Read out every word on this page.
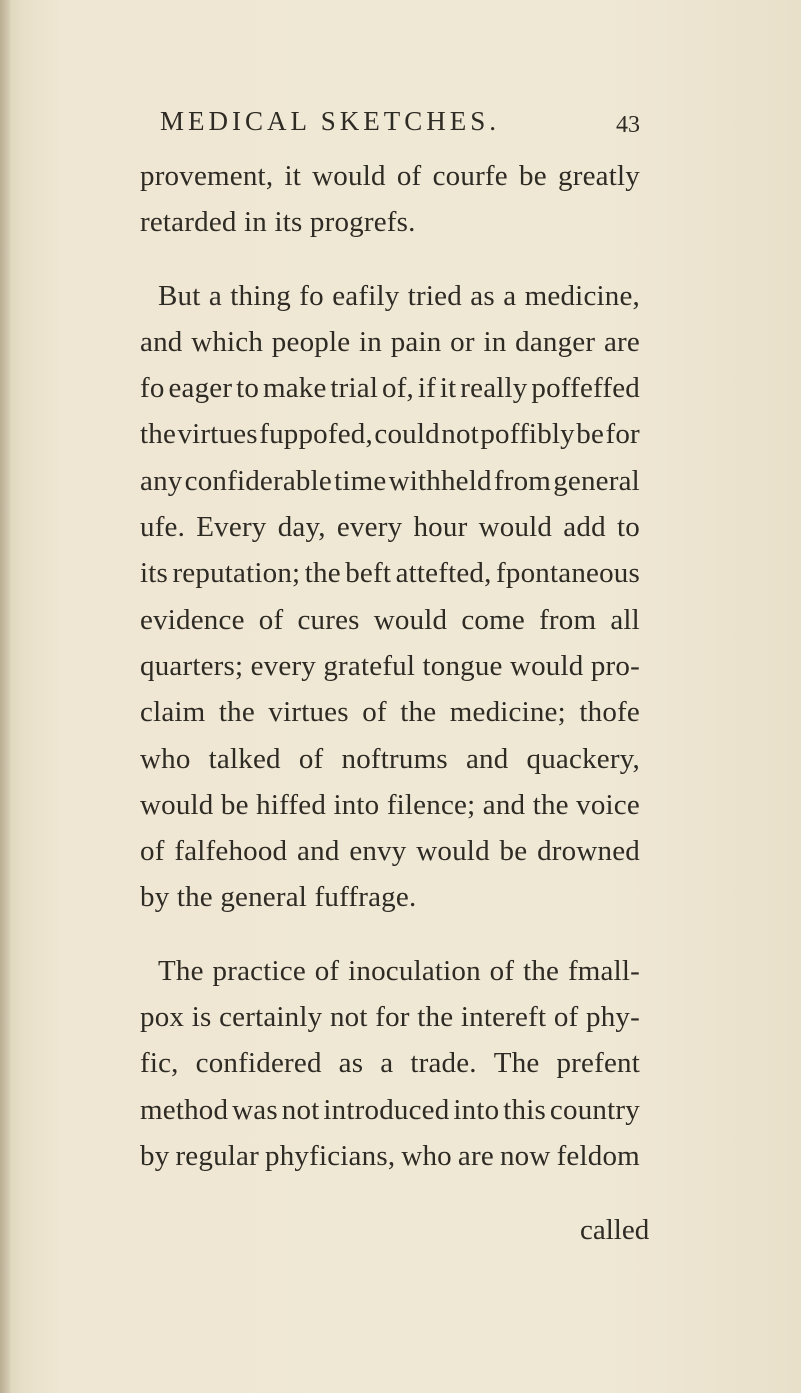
MEDICAL SKETCHES.	43
provement, it would of courfe be greatly
retarded in its progrefs.
But a thing fo eafily tried as a medicine,
and which people in pain or in danger are
fo eager to make trial of, if it really poffeffed
the virtues fuppofed, could not poffibly be for
any confiderable time withheld from general
ufe. Every day, every hour would add to
its reputation; the beft attefted, fpontaneous
evidence of cures would come from all
quarters; every grateful tongue would pro-
claim the virtues of the medicine; thofe
who talked of noftrums and quackery,
would be hiffed into filence; and the voice
of falfehood and envy would be drowned
by the general fuffrage.
The practice of inoculation of the fmall-
pox is certainly not for the intereft of phy-
fic, confidered as a trade. The prefent
method was not introduced into this country
by regular phyficians, who are now feldom
called
